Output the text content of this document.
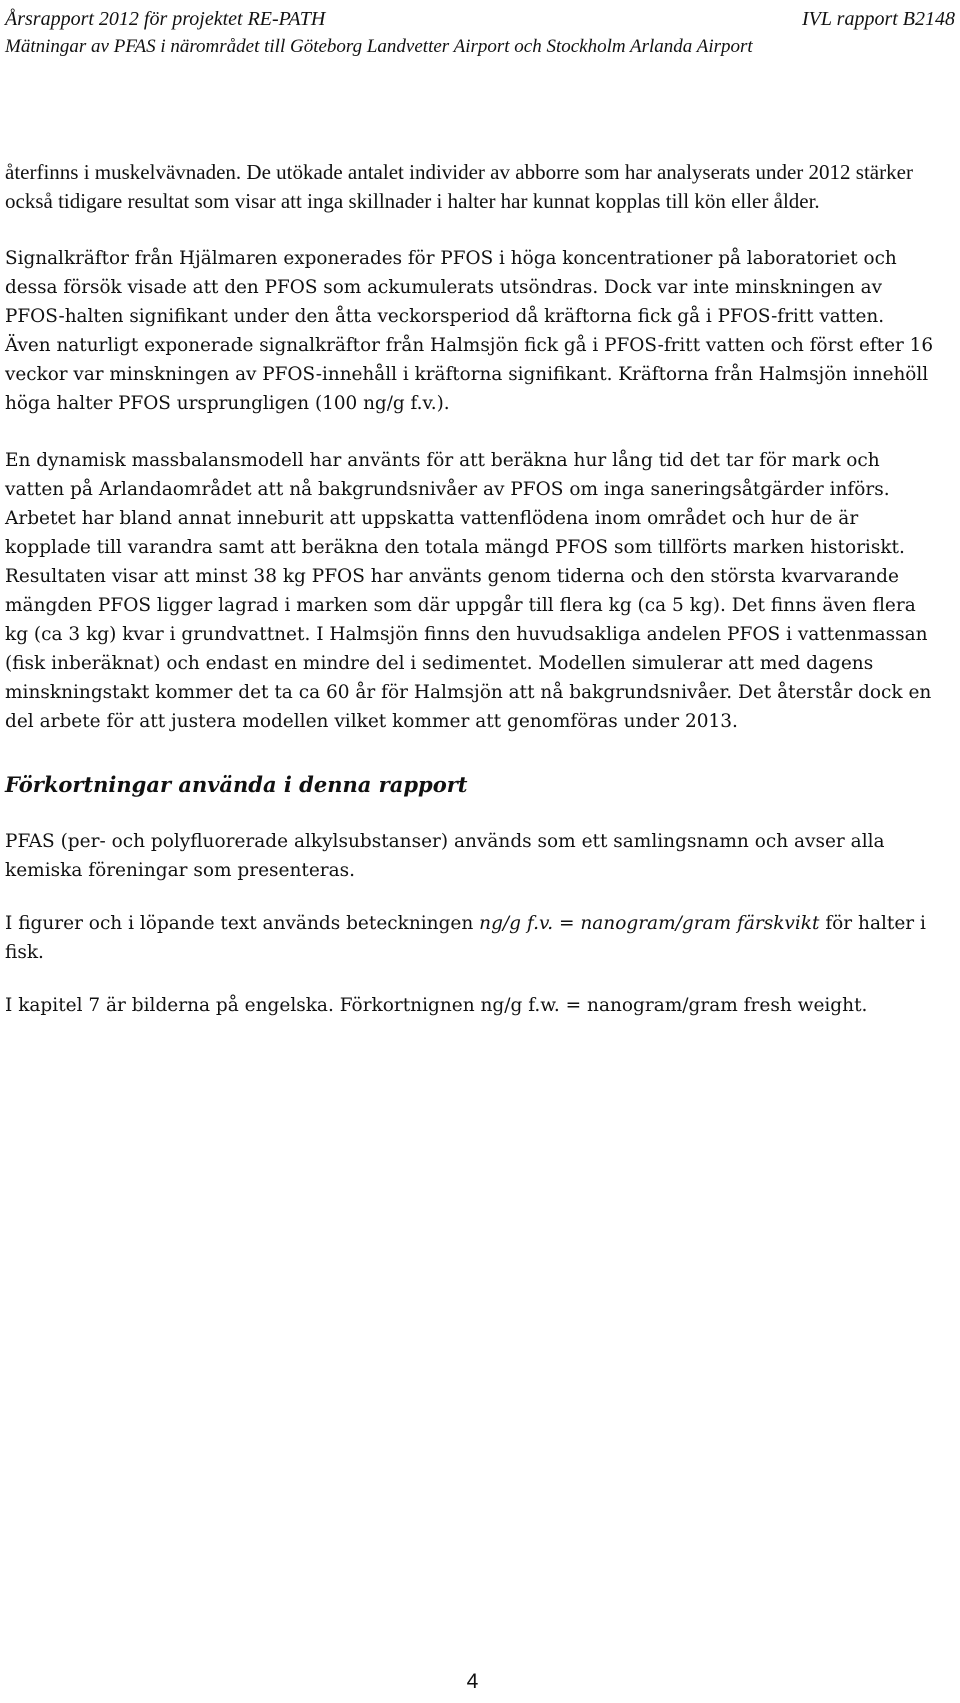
Årsrapport 2012 för projektet RE-PATH	IVL rapport B2148
Mätningar av PFAS i närområdet till Göteborg Landvetter Airport och Stockholm Arlanda Airport

återfinns i muskelvävnaden. De utökade antalet individer av abborre som har analyserats under 2012 stärker också tidigare resultat som visar att inga skillnader i halter har kunnat kopplas till kön eller ålder.

Signalkräftor från Hjälmaren exponerades för PFOS i höga koncentrationer på laboratoriet och dessa försök visade att den PFOS som ackumulerats utsöndras. Dock var inte minskningen av PFOS-halten signifikant under den åtta veckorsperiod då kräftorna fick gå i PFOS-fritt vatten. Även naturligt exponerade signalkräftor från Halmsjön fick gå i PFOS-fritt vatten och först efter 16 veckor var minskningen av PFOS-innehåll i kräftorna signifikant. Kräftorna från Halmsjön innehöll höga halter PFOS ursprungligen (100 ng/g f.v.).

En dynamisk massbalansmodell har använts för att beräkna hur lång tid det tar för mark och vatten på Arlandaområdet att nå bakgrundsnivåer av PFOS om inga saneringsåtgärder införs. Arbetet har bland annat inneburit att uppskatta vattenflödena inom området och hur de är kopplade till varandra samt att beräkna den totala mängd PFOS som tillförts marken historiskt. Resultaten visar att minst 38 kg PFOS har använts genom tiderna och den största kvarvarande mängden PFOS ligger lagrad i marken som där uppgår till flera kg (ca 5 kg). Det finns även flera kg (ca 3 kg) kvar i grundvattnet. I Halmsjön finns den huvudsakliga andelen PFOS i vattenmassan (fisk inberäknat) och endast en mindre del i sedimentet. Modellen simulerar att med dagens minskningstakt kommer det ta ca 60 år för Halmsjön att nå bakgrundsnivåer. Det återstår dock en del arbete för att justera modellen vilket kommer att genomföras under 2013.

Förkortningar använda i denna rapport

PFAS (per- och polyfluorerade alkylsubstanser) används som ett samlingsnamn och avser alla kemiska föreningar som presenteras.

I figurer och i löpande text används beteckningen ng/g f.v. = nanogram/gram färskvikt för halter i fisk.

I kapitel 7 är bilderna på engelska. Förkortnignen ng/g f.w. = nanogram/gram fresh weight.

4
